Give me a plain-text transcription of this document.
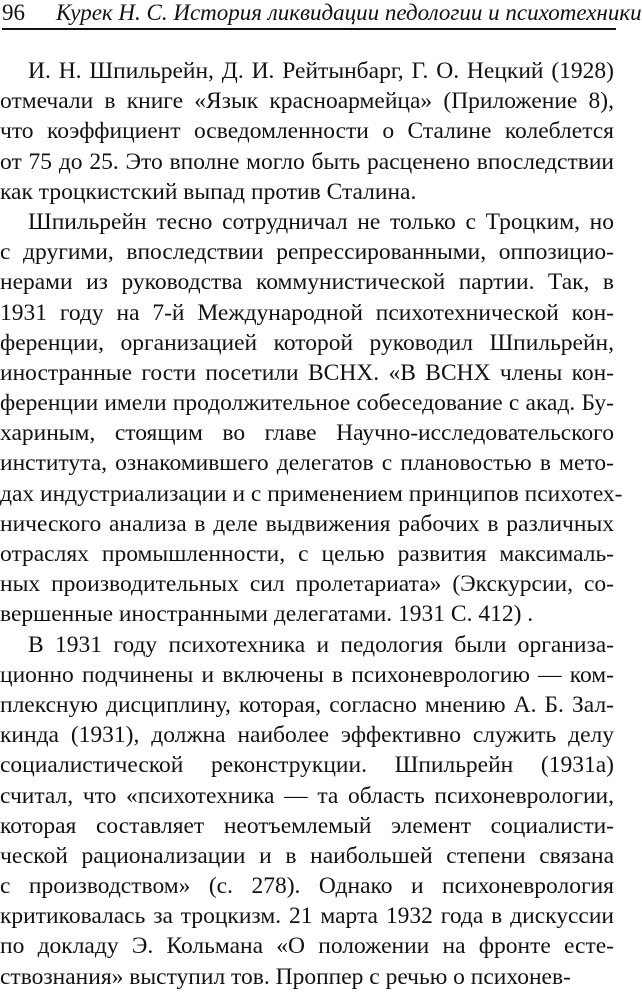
96 Курек Н. С. История ликвидации педологии и психотехники
И. Н. Шпильрейн, Д. И. Рейтынбарг, Г. О. Нецкий (1928)
отмечали в книге «Язык красноармейца» (Приложение 8),
что коэффициент осведомленности о Сталине колеблется
от 75 до 25. Это вполне могло быть расценено впоследствии
как троцкистский выпад против Сталина.
Шпильрейн тесно сотрудничал не только с Троцким, но
с другими, впоследствии репрессированными, оппозицио-
нерами из руководства коммунистической партии. Так, в
1931 году на 7-й Международной психотехнической кон-
ференции, организацией которой руководил Шпильрейн,
иностранные гости посетили ВСНХ. «В ВСНХ члены кон-
ференции имели продолжительное собеседование с акад. Бу-
хариным, стоящим во главе Научно-исследовательского
института, ознакомившего делегатов с плановостью в мето-
дах индустриализации и с применением принципов психотех-
нического анализа в деле выдвижения рабочих в различных
отраслях промышленности, с целью развития максималь-
ных производительных сил пролетариата» (Экскурсии, со-
вершенные иностранными делегатами. 1931 С. 412) .
В 1931 году психотехника и педология были организа-
ционно подчинены и включены в психоневрологию — ком-
плексную дисциплину, которая, согласно мнению А. Б. Зал-
кинда (1931), должна наиболее эффективно служить делу
социалистической реконструкции. Шпильрейн (1931а)
считал, что «психотехника — та область психоневрологии,
которая составляет неотъемлемый элемент социалисти-
ческой рационализации и в наибольшей степени связана
с производством» (с. 278). Однако и психоневрология
критиковалась за троцкизм. 21 марта 1932 года в дискуссии
по докладу Э. Кольмана «О положении на фронте есте-
ствознания» выступил тов. Проппер с речью о психонев-
